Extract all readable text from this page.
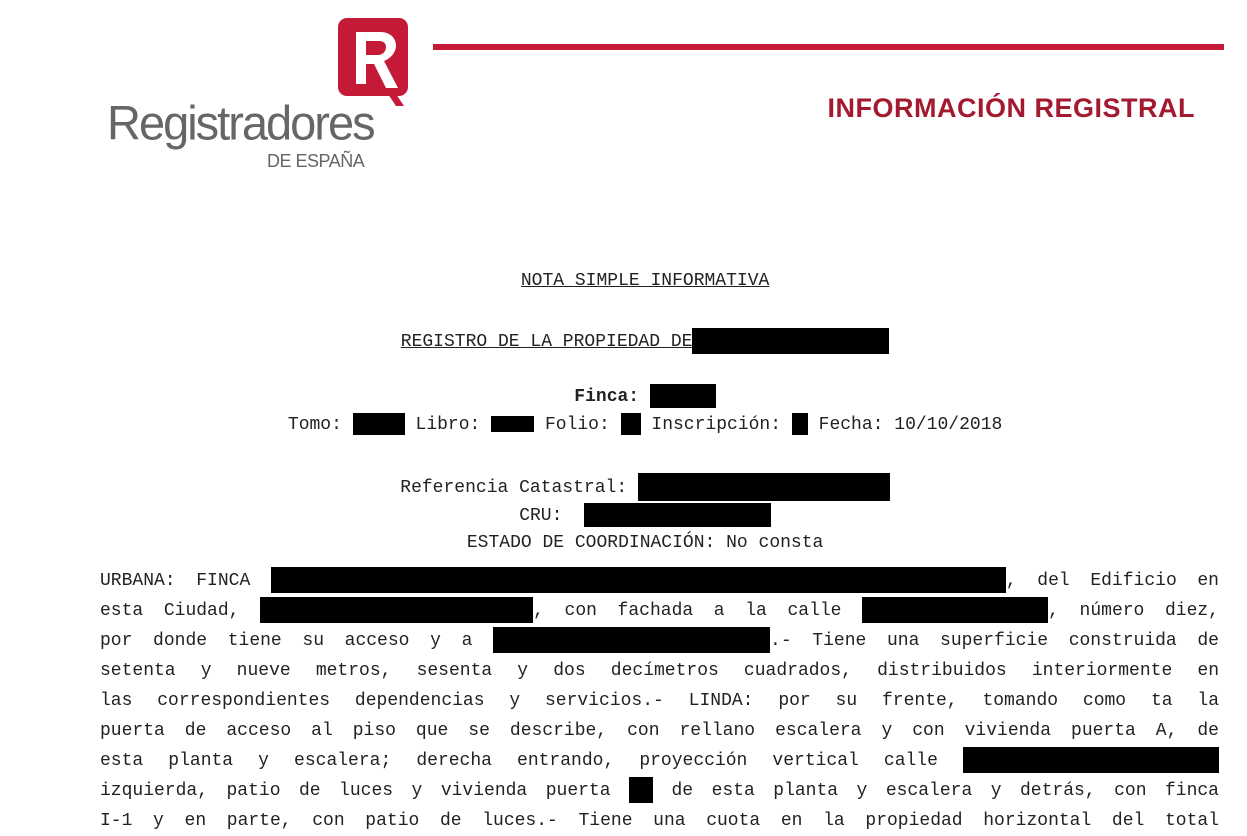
Registradores
DE ESPAÑA
INFORMACIÓN REGISTRAL

NOTA SIMPLE INFORMATIVA

REGISTRO DE LA PROPIEDAD DE

Finca:

Tomo:	Libro:	Folio: Inscripción: Fecha: 10/10/2018

Referencia Catastral:

CRU:

ESTADO DE COORDINACIÓN: No consta

URBANA: FINCA	, del Edificio en
esta Ciudad,	, con fachada a la calle	, número diez,
por donde tiene su acceso y a	.- Tiene una superficie construida de
setenta y nueve metros, sesenta y dos decímetros cuadrados, distribuidos interiormente en
las correspondientes dependencias y servicios.- LINDA: por su frente, tomando como ta la
puerta de acceso al piso que se describe, con rellano escalera y con vivienda puerta A, de
esta planta y escalera; derecha entrando, proyección vertical calle
izquierda, patio de luces y vivienda puerta	de esta planta y escalera y detrás, con finca
I-1 y en parte, con patio de luces.- Tiene una cuota en la propiedad horizontal del total
